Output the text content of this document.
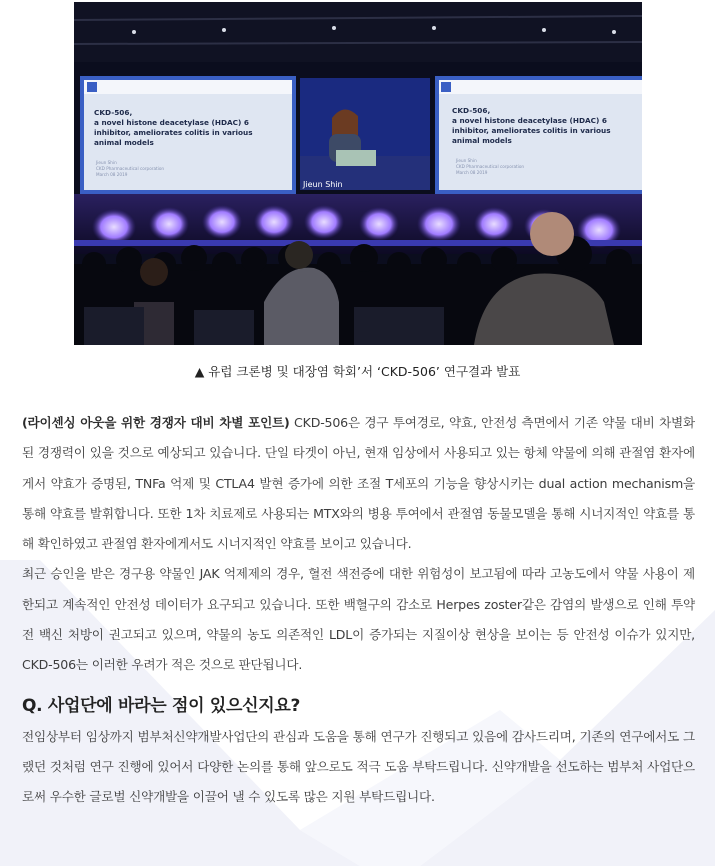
CKD-506,
a novel histone deacetylase (HDAC) 6
inhibitor, ameliorates colitis in various
animal models
Jieun Shin
CKD Pharmaceutical corporation
March 08 2019
Jieun Shin
CKD-506,
a novel histone deacetylase (HDAC) 6
inhibitor, ameliorates colitis in various
animal models
Jieun Shin
CKD Pharmaceutical corporation
March 08 2019
▲ 유럽 크론병 및 대장염 학회’서 ‘CKD-506’ 연구결과 발표

(라이센싱 아웃을 위한 경쟁자 대비 차별 포인트) CKD-506은 경구 투여경로, 약효, 안전성 측면에서 기존 약물 대비 차별화된 경쟁력이 있을 것으로 예상되고 있습니다. 단일 타겟이 아닌, 현재 임상에서 사용되고 있는 항체 약물에 의해 관절염 환자에게서 약효가 증명된, TNFa 억제 및 CTLA4 발현 증가에 의한 조절 T세포의 기능을 향상시키는 dual action mechanism을 통해 약효를 발휘합니다. 또한 1차 치료제로 사용되는 MTX와의 병용 투여에서 관절염 동물모델을 통해 시너지적인 약효를 통해 확인하였고 관절염 환자에게서도 시너지적인 약효를 보이고 있습니다.

최근 승인을 받은 경구용 약물인 JAK 억제제의 경우, 혈전 색전증에 대한 위험성이 보고됨에 따라 고농도에서 약물 사용이 제한되고 계속적인 안전성 데이터가 요구되고 있습니다. 또한 백혈구의 감소로 Herpes zoster같은 감염의 발생으로 인해 투약 전 백신 처방이 권고되고 있으며, 약물의 농도 의존적인 LDL이 증가되는 지질이상 현상을 보이는 등 안전성 이슈가 있지만, CKD-506는 이러한 우려가 적은 것으로 판단됩니다.

Q. 사업단에 바라는 점이 있으신지요?

전임상부터 임상까지 범부처신약개발사업단의 관심과 도움을 통해 연구가 진행되고 있음에 감사드리며, 기존의 연구에서도 그랬던 것처럼 연구 진행에 있어서 다양한 논의를 통해 앞으로도 적극 도움 부탁드립니다. 신약개발을 선도하는 범부처 사업단으로써 우수한 글로벌 신약개발을 이끌어 낼 수 있도록 많은 지원 부탁드립니다.
